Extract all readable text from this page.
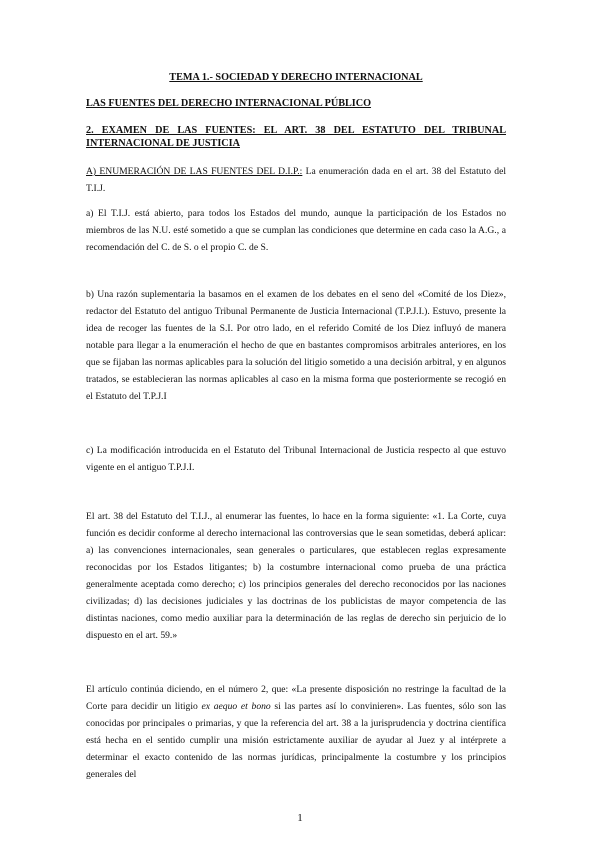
TEMA 1.- SOCIEDAD Y DERECHO INTERNACIONAL
LAS FUENTES DEL DERECHO INTERNACIONAL PÚBLICO
2. EXAMEN DE LAS FUENTES: EL ART. 38 DEL ESTATUTO DEL TRIBUNAL INTERNACIONAL DE JUSTICIA
A) ENUMERACIÓN DE LAS FUENTES DEL D.I.P.: La enumeración dada en el art. 38 del Estatuto del T.I.J.
a) El T.I.J. está abierto, para todos los Estados del mundo, aunque la participación de los Estados no miembros de las N.U. esté sometido a que se cumplan las condiciones que determine en cada caso la A.G., a recomendación del C. de S. o el propio C. de S.
b) Una razón suplementaria la basamos en el examen de los debates en el seno del «Comité de los Diez», redactor del Estatuto del antiguo Tribunal Permanente de Justicia Internacional (T.P.J.I.). Estuvo, presente la idea de recoger las fuentes de la S.I. Por otro lado, en el referido Comité de los Diez influyó de manera notable para llegar a la enumeración el hecho de que en bastantes compromisos arbitrales anteriores, en los que se fijaban las normas aplicables para la solución del litigio sometido a una decisión arbitral, y en algunos tratados, se establecieran las normas aplicables al caso en la misma forma que posteriormente se recogió en el Estatuto del T.P.J.I
c) La modificación introducida en el Estatuto del Tribunal Internacional de Justicia respecto al que estuvo vigente en el antiguo T.P.J.I.
El art. 38 del Estatuto del T.I.J., al enumerar las fuentes, lo hace en la forma siguiente: «1. La Corte, cuya función es decidir conforme al derecho internacional las controversias que le sean sometidas, deberá aplicar: a) las convenciones internacionales, sean generales o particulares, que establecen reglas expresamente reconocidas por los Estados litigantes; b) la costumbre internacional como prueba de una práctica generalmente aceptada como derecho; c) los principios generales del derecho reconocidos por las naciones civilizadas; d) las decisiones judiciales y las doctrinas de los publicistas de mayor competencia de las distintas naciones, como medio auxiliar para la determinación de las reglas de derecho sin perjuicio de lo dispuesto en el art. 59.»
El artículo continúa diciendo, en el número 2, que: «La presente disposición no restringe la facultad de la Corte para decidir un litigio ex aequo et bono si las partes así lo convinieren». Las fuentes, sólo son las conocidas por principales o primarias, y que la referencia del art. 38 a la jurisprudencia y doctrina científica está hecha en el sentido cumplir una misión estrictamente auxiliar de ayudar al Juez y al intérprete a determinar el exacto contenido de las normas jurídicas, principalmente la costumbre y los principios generales del
1
